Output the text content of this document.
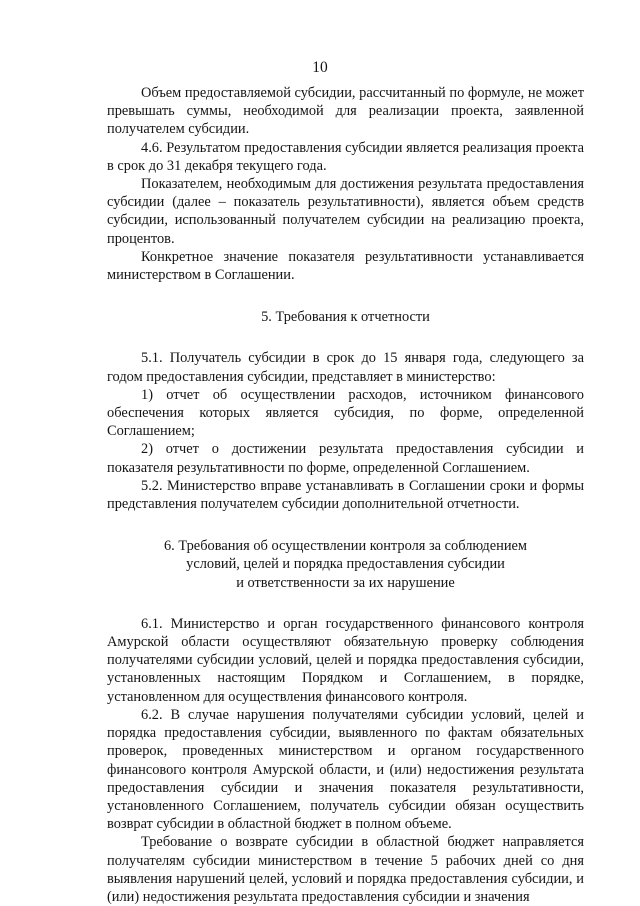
10

Объем предоставляемой субсидии, рассчитанный по формуле, не может превышать суммы, необходимой для реализации проекта, заявленной получателем субсидии.

4.6. Результатом предоставления субсидии является реализация проекта в срок до 31 декабря текущего года.

Показателем, необходимым для достижения результата предоставления субсидии (далее – показатель результативности), является объем средств субсидии, использованный получателем субсидии на реализацию проекта, процентов.

Конкретное значение показателя результативности устанавливается министерством в Соглашении.

5. Требования к отчетности

5.1. Получатель субсидии в срок до 15 января года, следующего за годом предоставления субсидии, представляет в министерство:

1) отчет об осуществлении расходов, источником финансового обеспечения которых является субсидия, по форме, определенной Соглашением;

2) отчет о достижении результата предоставления субсидии и показателя результативности по форме, определенной Соглашением.

5.2. Министерство вправе устанавливать в Соглашении сроки и формы представления получателем субсидии дополнительной отчетности.

6. Требования об осуществлении контроля за соблюдением
условий, целей и порядка предоставления субсидии
и ответственности за их нарушение

6.1. Министерство и орган государственного финансового контроля Амурской области осуществляют обязательную проверку соблюдения получателями субсидии условий, целей и порядка предоставления субсидии, установленных настоящим Порядком и Соглашением, в порядке, установленном для осуществления финансового контроля.

6.2. В случае нарушения получателями субсидии условий, целей и порядка предоставления субсидии, выявленного по фактам обязательных проверок, проведенных министерством и органом государственного финансового контроля Амурской области, и (или) недостижения результата предоставления субсидии и значения показателя результативности, установленного Соглашением, получатель субсидии обязан осуществить возврат субсидии в областной бюджет в полном объеме.

Требование о возврате субсидии в областной бюджет направляется получателям субсидии министерством в течение 5 рабочих дней со дня выявления нарушений целей, условий и порядка предоставления субсидии, и (или) недостижения результата предоставления субсидии и значения
